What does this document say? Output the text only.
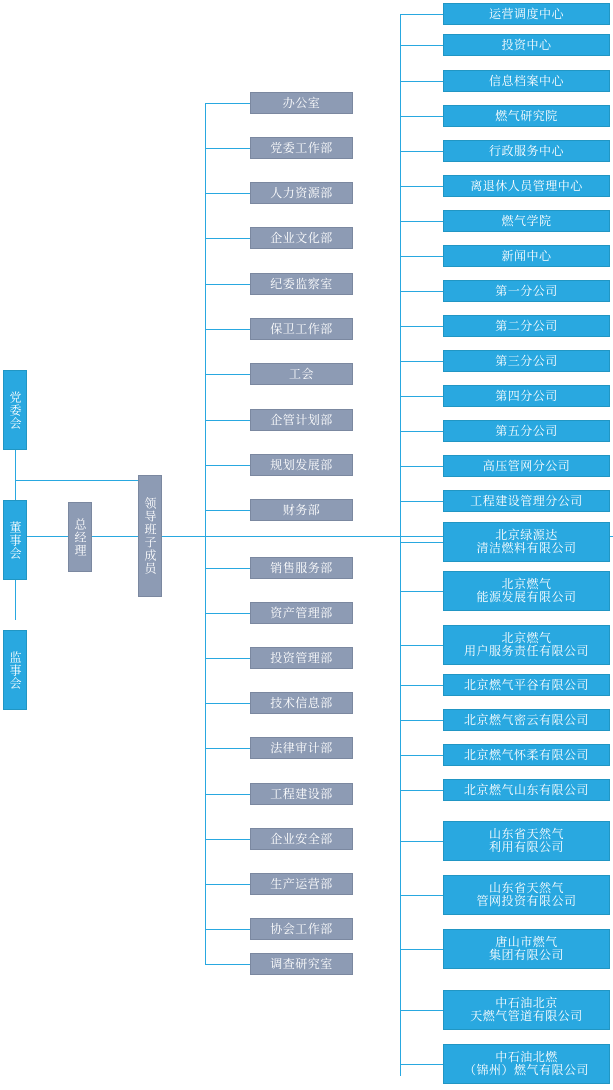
党委会
董事会
监事会
总经理	领导班子成员
办公室
党委工作部
人力资源部
企业文化部
纪委监察室
保卫工作部
工会
企管计划部
规划发展部
财务部
销售服务部
资产管理部
投资管理部
技术信息部
法律审计部
工程建设部
企业安全部
生产运营部
协会工作部
调查研究室
运营调度中心
投资中心
信息档案中心
燃气研究院
行政服务中心
离退休人员管理中心
燃气学院
新闻中心
第一分公司
第二分公司
第三分公司
第四分公司
第五分公司
高压管网分公司
工程建设管理分公司
北京绿源达
清洁燃料有限公司
北京燃气
能源发展有限公司
北京燃气
用户服务责任有限公司
北京燃气平谷有限公司
北京燃气密云有限公司
北京燃气怀柔有限公司
北京燃气山东有限公司
山东省天然气
利用有限公司
山东省天然气
管网投资有限公司
唐山市燃气
集团有限公司
中石油北京
天燃气管道有限公司
中石油北燃
（锦州）燃气有限公司
